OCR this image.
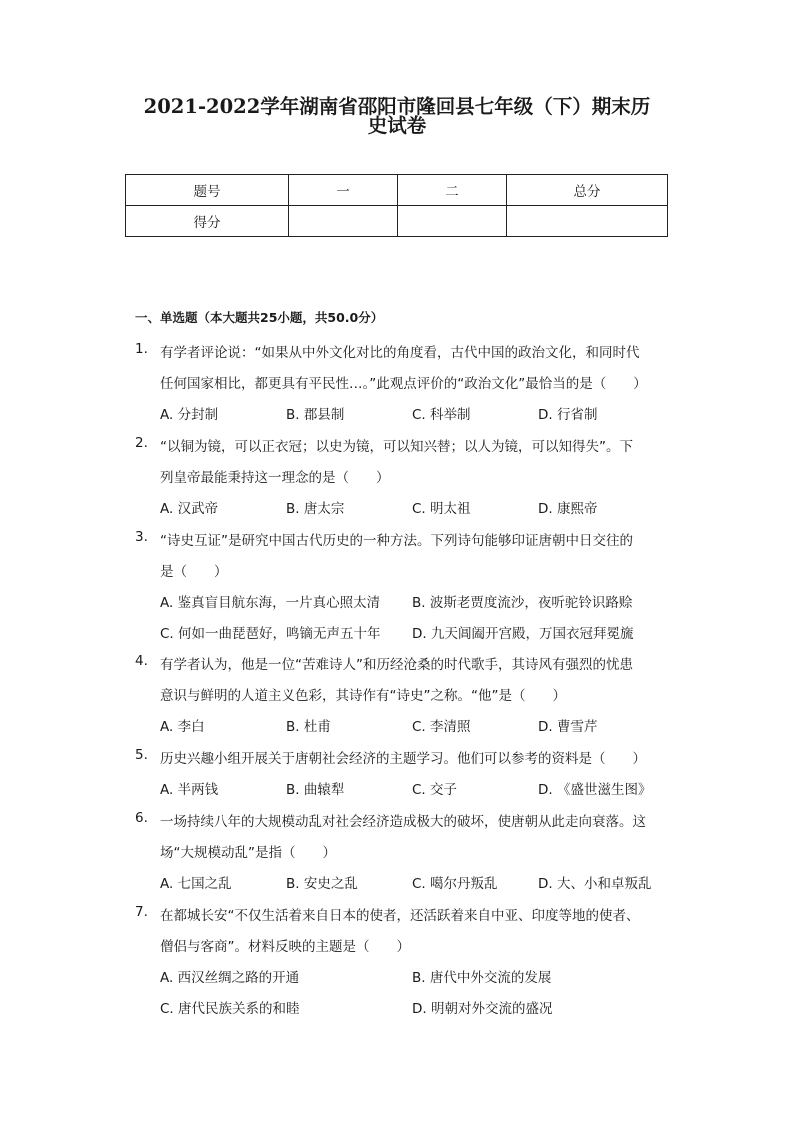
2021-2022学年湖南省邵阳市隆回县七年级（下）期末历
史试卷
题号	一	二	总分
得分			
一、单选题（本大题共25小题，共50.0分）
1. 有学者评论说：“如果从中外文化对比的角度看，古代中国的政治文化，和同时代
任何国家相比，都更具有平民性…。”此观点评价的“政治文化”最恰当的是（　　）
A. 分封制	B. 郡县制	C. 科举制	D. 行省制
2. “以铜为镜，可以正衣冠；以史为镜，可以知兴替；以人为镜，可以知得失”。下
列皇帝最能秉持这一理念的是（　　）
A. 汉武帝	B. 唐太宗	C. 明太祖	D. 康熙帝
3. “诗史互证”是研究中国古代历史的一种方法。下列诗句能够印证唐朝中日交往的
是（　　）
A. 鉴真盲目航东海，一片真心照太清 B. 波斯老贾度流沙，夜听驼铃识路赊
C. 何如一曲琵琶好，鸣镝无声五十年 D. 九天阊阖开宫殿，万国衣冠拜冕旒
4. 有学者认为，他是一位“苦难诗人”和历经沧桑的时代歌手，其诗风有强烈的忧患
意识与鲜明的人道主义色彩，其诗作有“诗史”之称。“他”是（　　）
A. 李白	B. 杜甫	C. 李清照	D. 曹雪芹
5. 历史兴趣小组开展关于唐朝社会经济的主题学习。他们可以参考的资料是（　　）
A. 半两钱	B. 曲辕犁	C. 交子	D. 《盛世滋生图》
6. 一场持续八年的大规模动乱对社会经济造成极大的破坏，使唐朝从此走向衰落。这
场“大规模动乱”是指（　　）
A. 七国之乱	B. 安史之乱	C. 噶尔丹叛乱	D. 大、小和卓叛乱
7. 在都城长安“不仅生活着来自日本的使者，还活跃着来自中亚、印度等地的使者、
僧侣与客商”。材料反映的主题是（　　）
A. 西汉丝绸之路的开通	B. 唐代中外交流的发展
C. 唐代民族关系的和睦	D. 明朝对外交流的盛况
